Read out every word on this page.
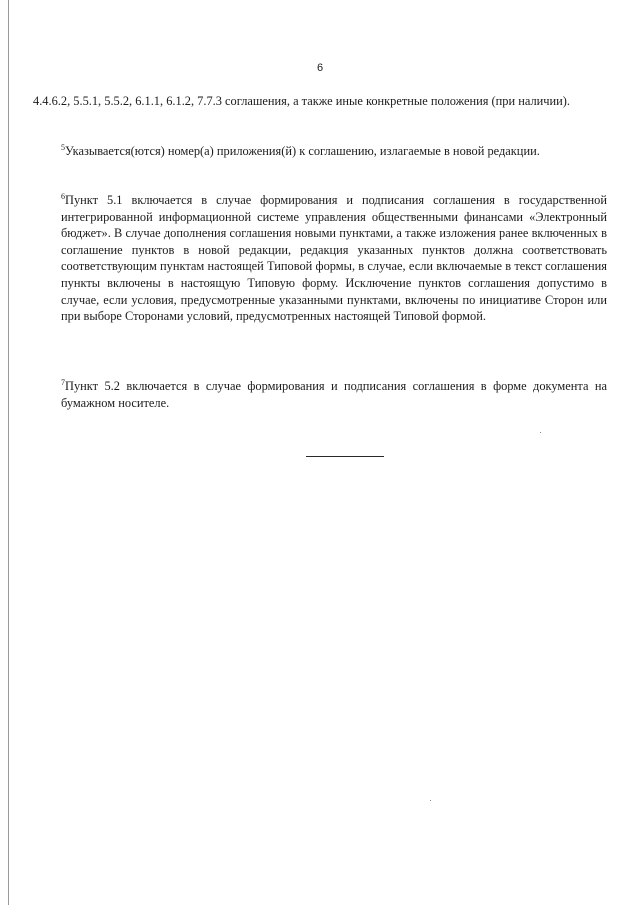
6

4.4.6.2, 5.5.1, 5.5.2, 6.1.1, 6.1.2, 7.7.3 соглашения, а также иные конкретные положения (при наличии).

$^5$Указывается(ются) номер(а) приложения(й) к соглашению, излагаемые в новой редакции.

$^6$Пункт 5.1 включается в случае формирования и подписания соглашения в государственной интегрированной информационной системе управления общественными финансами «Электронный бюджет». В случае дополнения соглашения новыми пунктами, а также изложения ранее включенных в соглашение пунктов в новой редакции, редакция указанных пунктов должна соответствовать соответствующим пунктам настоящей Типовой формы, в случае, если включаемые в текст соглашения пункты включены в настоящую Типовую форму. Исключение пунктов соглашения допустимо в случае, если условия, предусмотренные указанными пунктами, включены по инициативе Сторон или при выборе Сторонами условий, предусмотренных настоящей Типовой формой.

$^7$Пункт 5.2 включается в случае формирования и подписания соглашения в форме документа на бумажном носителе.
